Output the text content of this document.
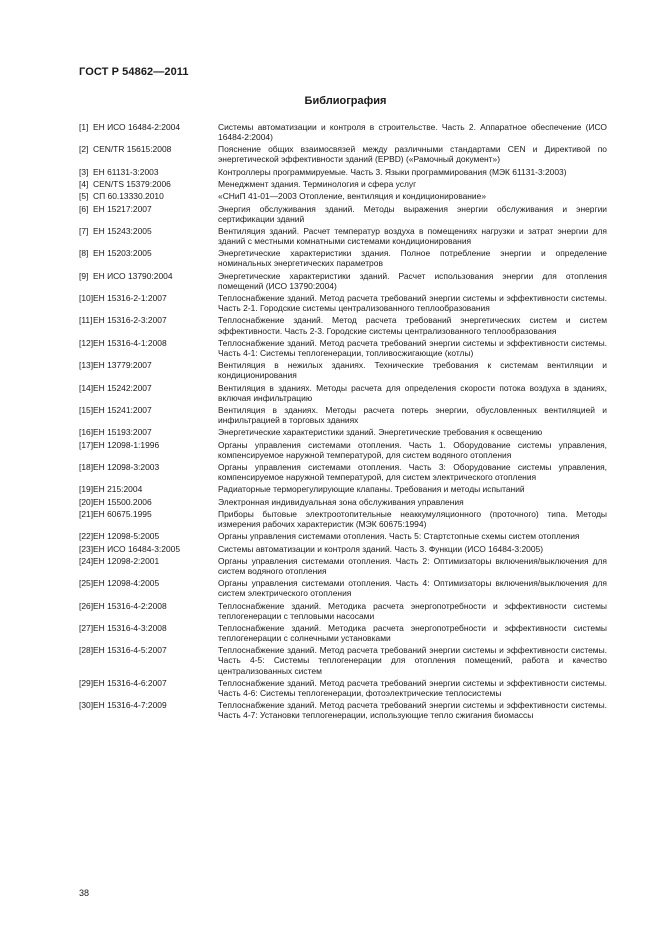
ГОСТ Р 54862—2011
Библиография
[1] ЕН ИСО 16484-2:2004	Системы автоматизации и контроля в строительстве. Часть 2. Аппаратное обеспечение (ИСО 16484-2:2004)
[2] CEN/TR 15615:2008	Пояснение общих взаимосвязей между различными стандартами CEN и Директивой по энергетической эффективности зданий (EPBD) («Рамочный документ»)
[3] ЕН 61131-3:2003	Контроллеры программируемые. Часть 3. Языки программирования (МЭК 61131-3:2003)
[4] CEN/TS 15379:2006	Менеджмент здания. Терминология и сфера услуг
[5] СП 60.13330.2010	«СНиП 41-01—2003 Отопление, вентиляция и кондиционирование»
[6] ЕН 15217:2007	Энергия обслуживания зданий. Методы выражения энергии обслуживания и энергии сертификации зданий
[7] ЕН 15243:2005	Вентиляция зданий. Расчет температур воздуха в помещениях нагрузки и затрат энергии для зданий с местными комнатными системами кондиционирования
[8] ЕН 15203:2005	Энергетические характеристики здания. Полное потребление энергии и определение номинальных энергетических параметров
[9] ЕН ИСО 13790:2004	Энергетические характеристики зданий. Расчет использования энергии для отопления помещений (ИСО 13790:2004)
[10] ЕН 15316-2-1:2007	Теплоснабжение зданий. Метод расчета требований энергии системы и эффективности системы. Часть 2-1. Городские системы централизованного теплообразования
[11] ЕН 15316-2-3:2007	Теплоснабжение зданий. Метод расчета требований энергетических систем и систем эффективности. Часть 2-3. Городские системы централизованного теплообразования
[12] ЕН 15316-4-1:2008	Теплоснабжение зданий. Метод расчета требований энергии системы и эффективности системы. Часть 4-1: Системы теплогенерации, топливосжигающие (котлы)
[13] ЕН 13779:2007	Вентиляция в нежилых зданиях. Технические требования к системам вентиляции и кондиционирования
[14] ЕН 15242:2007	Вентиляция в зданиях. Методы расчета для определения скорости потока воздуха в зданиях, включая инфильтрацию
[15] ЕН 15241:2007	Вентиляция в зданиях. Методы расчета потерь энергии, обусловленных вентиляцией и инфильтрацией в торговых зданиях
[16] ЕН 15193:2007	Энергетические характеристики зданий. Энергетические требования к освещению
[17] ЕН 12098-1:1996	Органы управления системами отопления. Часть 1. Оборудование системы управления, компенсируемое наружной температурой, для систем водяного отопления
[18] ЕН 12098-3:2003	Органы управления системами отопления. Часть 3: Оборудование системы управления, компенсируемое наружной температурой, для систем электрического отопления
[19] ЕН 215:2004	Радиаторные терморегулирующие клапаны. Требования и методы испытаний
[20] ЕН 15500.2006	Электронная индивидуальная зона обслуживания управления
[21] ЕН 60675.1995	Приборы бытовые электроотопительные неаккумуляционного (проточного) типа. Методы измерения рабочих характеристик (МЭК 60675:1994)
[22] ЕН 12098-5:2005	Органы управления системами отопления. Часть 5: Стартстопные схемы систем отопления
[23] ЕН ИСО 16484-3:2005	Системы автоматизации и контроля зданий. Часть 3. Функции (ИСО 16484-3:2005)
[24] ЕН 12098-2:2001	Органы управления системами отопления. Часть 2: Оптимизаторы включения/выключения для систем водяного отопления
[25] ЕН 12098-4:2005	Органы управления системами отопления. Часть 4: Оптимизаторы включения/выключения для систем электрического отопления
[26] ЕН 15316-4-2:2008	Теплоснабжение зданий. Методика расчета энергопотребности и эффективности системы теплогенерации с тепловыми насосами
[27] ЕН 15316-4-3:2008	Теплоснабжение зданий. Методика расчета энергопотребности и эффективности системы теплогенерации с солнечными установками
[28] ЕН 15316-4-5:2007	Теплоснабжение зданий. Метод расчета требований энергии системы и эффективности системы. Часть 4-5: Системы теплогенерации для отопления помещений, работа и качество централизованных систем
[29] ЕН 15316-4-6:2007	Теплоснабжение зданий. Метод расчета требований энергии системы и эффективности системы. Часть 4-6: Системы теплогенерации, фотоэлектрические теплосистемы
[30] ЕН 15316-4-7:2009	Теплоснабжение зданий. Метод расчета требований энергии системы и эффективности системы. Часть 4-7: Установки теплогенерации, использующие тепло сжигания биомассы
38
